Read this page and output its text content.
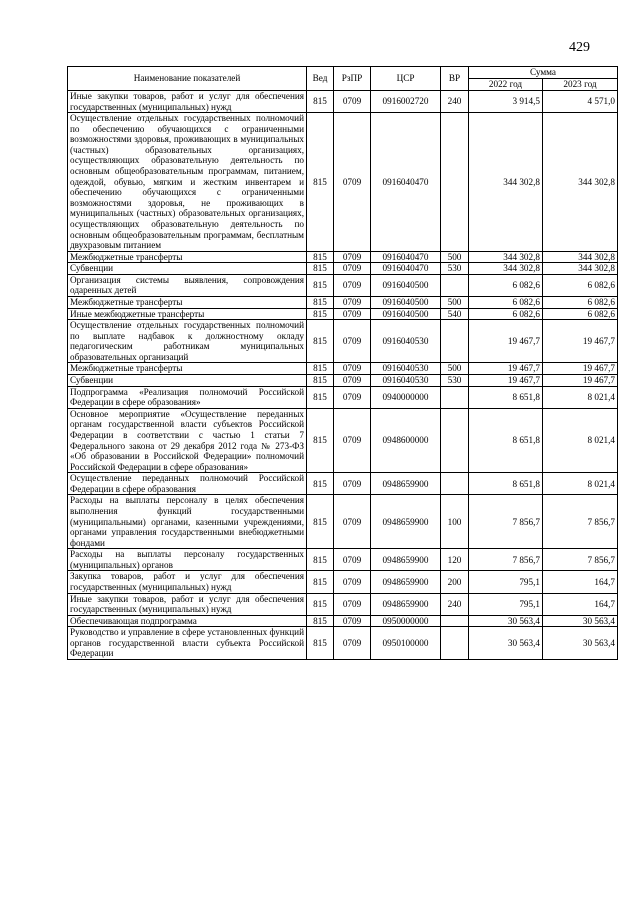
429
Наименование показателей	Вед	РзПР	ЦСР	ВР	Сумма	
					2022 год	2023 год
Иные закупки товаров, работ и услуг для обеспечения государственных (муниципальных) нужд	815	0709	0916002720	240	3 914,5	4 571,0
Осуществление отдельных государственных полномочий по обеспечению обучающихся с ограниченными возможностями здоровья, проживающих в муниципальных (частных) образовательных организациях, осуществляющих образовательную деятельность по основным общеобразовательным программам, питанием, одеждой, обувью, мягким и жестким инвентарем и обеспечению обучающихся с ограниченными возможностями здоровья, не проживающих в муниципальных (частных) образовательных организациях, осуществляющих образовательную деятельность по основным общеобразовательным программам, бесплатным двухразовым питанием	815	0709	0916040470		344 302,8	344 302,8
Межбюджетные трансферты	815	0709	0916040470	500	344 302,8	344 302,8
Субвенции	815	0709	0916040470	530	344 302,8	344 302,8
Организация системы выявления, сопровождения одаренных детей	815	0709	0916040500		6 082,6	6 082,6
Межбюджетные трансферты	815	0709	0916040500	500	6 082,6	6 082,6
Иные межбюджетные трансферты	815	0709	0916040500	540	6 082,6	6 082,6
Осуществление отдельных государственных полномочий по выплате надбавок к должностному окладу педагогическим работникам муниципальных образовательных организаций	815	0709	0916040530		19 467,7	19 467,7
Межбюджетные трансферты	815	0709	0916040530	500	19 467,7	19 467,7
Субвенции	815	0709	0916040530	530	19 467,7	19 467,7
Подпрограмма «Реализация полномочий Российской Федерации в сфере образования»	815	0709	0940000000		8 651,8	8 021,4
Основное мероприятие «Осуществление переданных органам государственной власти субъектов Российской Федерации в соответствии с частью 1 статьи 7 Федерального закона от 29 декабря 2012 года № 273-ФЗ «Об образовании в Российской Федерации» полномочий Российской Федерации в сфере образования»	815	0709	0948600000		8 651,8	8 021,4
Осуществление переданных полномочий Российской Федерации в сфере образования	815	0709	0948659900		8 651,8	8 021,4
Расходы на выплаты персоналу в целях обеспечения выполнения функций государственными (муниципальными) органами, казенными учреждениями, органами управления государственными внебюджетными фондами	815	0709	0948659900	100	7 856,7	7 856,7
Расходы на выплаты персоналу государственных (муниципальных) органов	815	0709	0948659900	120	7 856,7	7 856,7
Закупка товаров, работ и услуг для обеспечения государственных (муниципальных) нужд	815	0709	0948659900	200	795,1	164,7
Иные закупки товаров, работ и услуг для обеспечения государственных (муниципальных) нужд	815	0709	0948659900	240	795,1	164,7
Обеспечивающая подпрограмма	815	0709	0950000000		30 563,4	30 563,4
Руководство и управление в сфере установленных функций органов государственной власти субъекта Российской Федерации	815	0709	0950100000		30 563,4	30 563,4
